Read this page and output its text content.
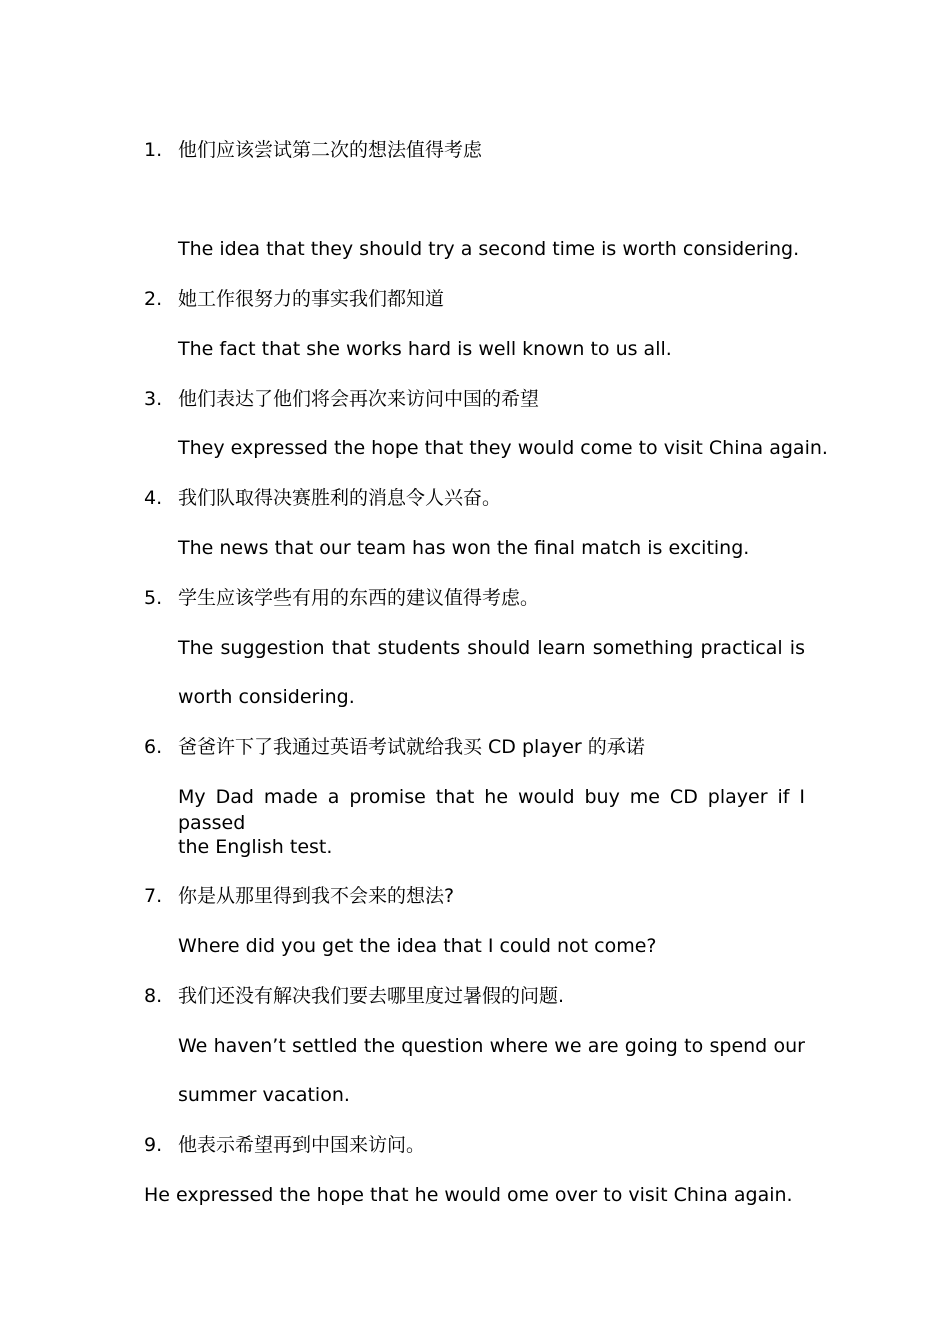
1. 他们应该尝试第二次的想法值得考虑
The idea that they should try a second time is worth considering.
2. 她工作很努力的事实我们都知道
The fact that she works hard is well known to us all.
3. 他们表达了他们将会再次来访问中国的希望
They expressed the hope that they would come to visit China again.
4. 我们队取得决赛胜利的消息令人兴奋。
The news that our team has won the final match is exciting.
5. 学生应该学些有用的东西的建议值得考虑。
The suggestion that students should learn something practical is
worth considering.
6. 爸爸许下了我通过英语考试就给我买 CD player 的承诺
My Dad made a promise that he would buy me CD player if I passed
the English test.
7. 你是从那里得到我不会来的想法?
Where did you get the idea that I could not come?
8. 我们还没有解决我们要去哪里度过暑假的问题.
We haven’t settled the question where we are going to spend our
summer vacation.
9. 他表示希望再到中国来访问。
He expressed the hope that he would ome over to visit China again.
